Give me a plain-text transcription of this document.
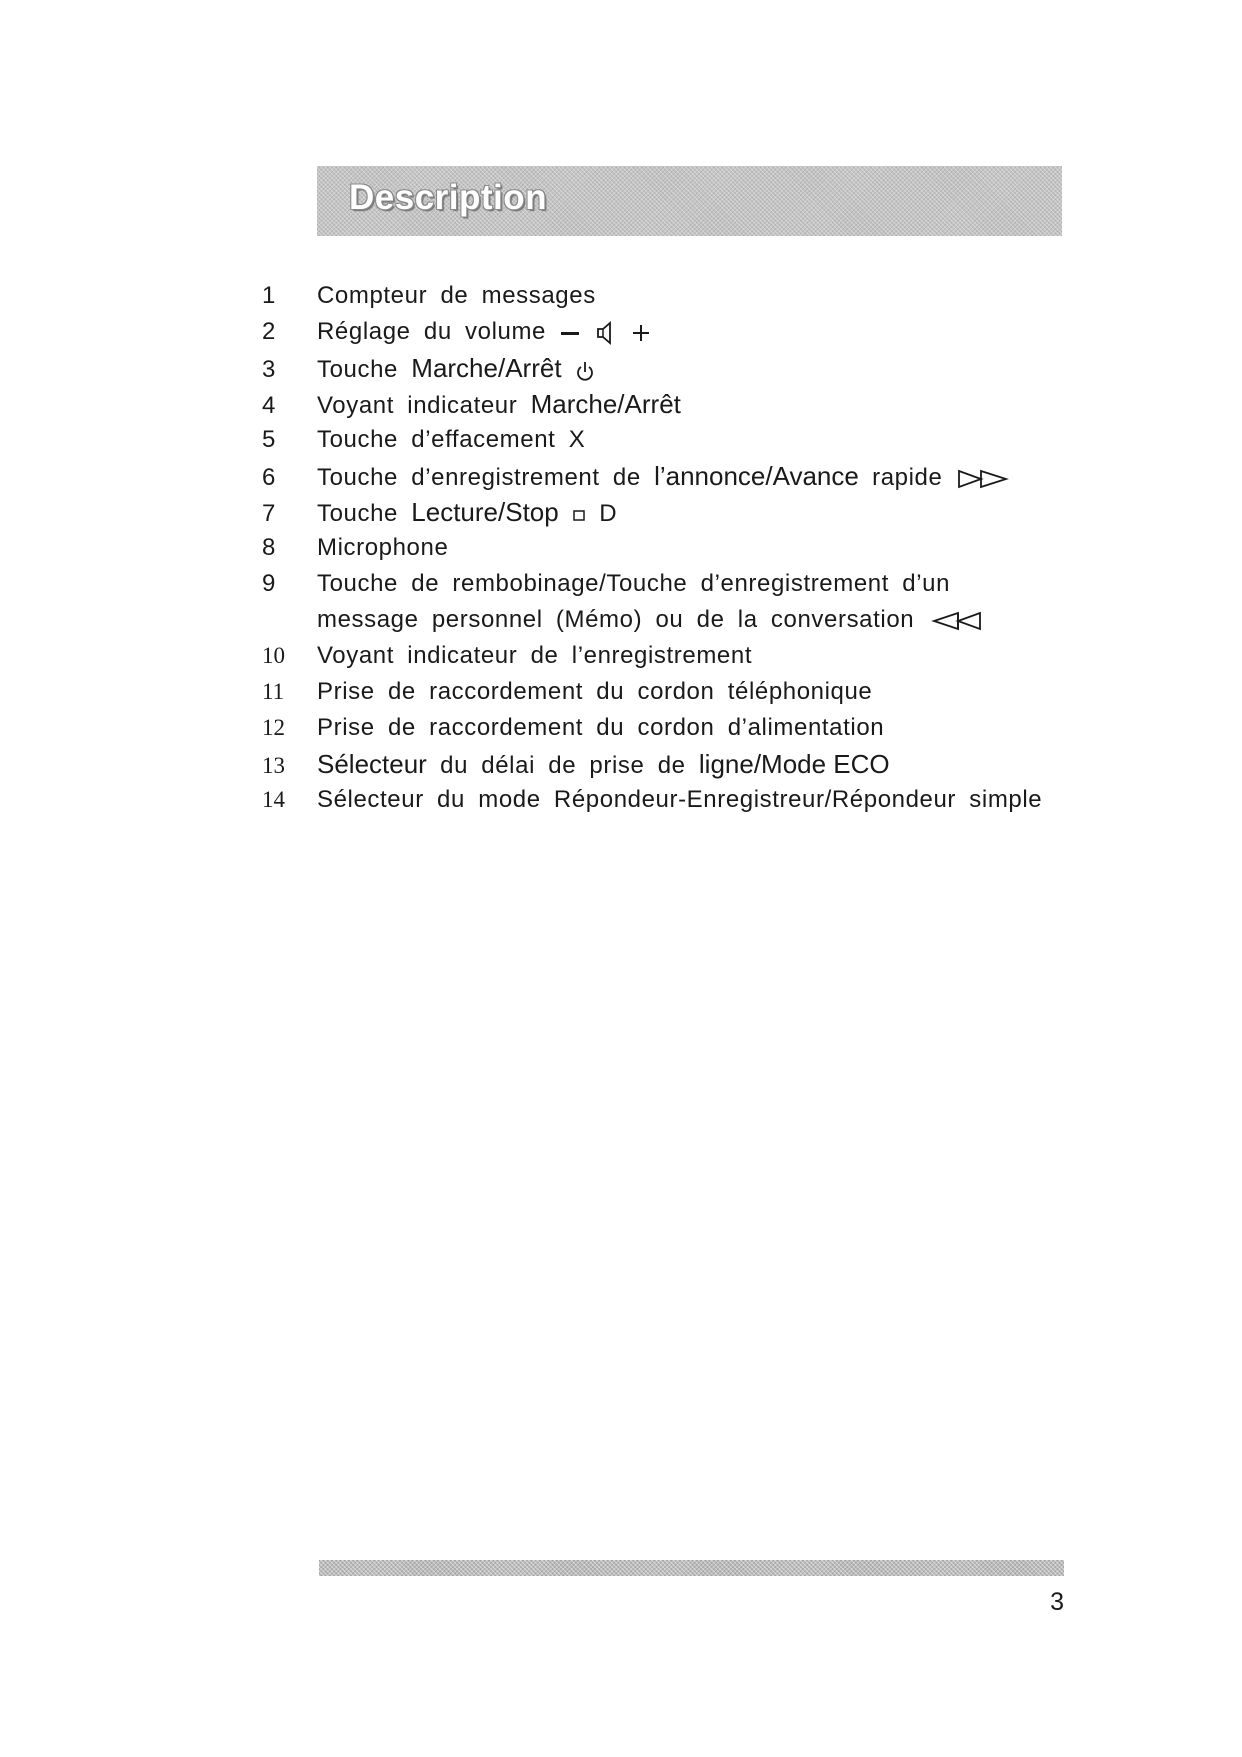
Description
1	Compteur de messages
2	Réglage du volume
3	Touche Marche/Arrêt
4	Voyant indicateur Marche/Arrêt
5	Touche d’effacement X
6	Touche d’enregistrement de l’annonce/Avance rapide
7	Touche Lecture/Stop D
8	Microphone
9	Touche de rembobinage/Touche d’enregistrement d’un
message personnel (Mémo) ou de la conversation
10	Voyant indicateur de l’enregistrement
11	Prise de raccordement du cordon téléphonique
12	Prise de raccordement du cordon d’alimentation
13	Sélecteur du délai de prise de ligne/Mode ECO
14	Sélecteur du mode Répondeur-Enregistreur/Répondeur simple
3
